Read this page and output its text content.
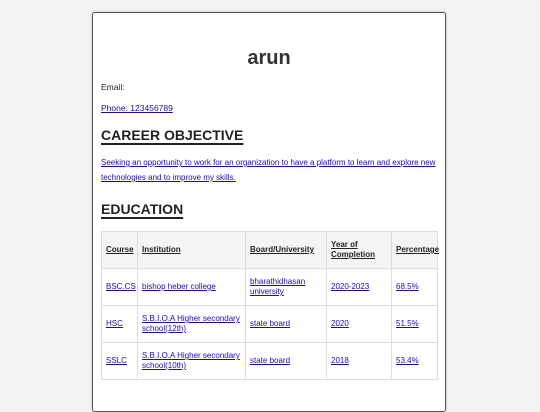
arun
Email:
Phone: 123456789
CAREER OBJECTIVE
Seeking an opportunity to work for an organization to have a platform to learn and explore new technologies and to improve my skills.
EDUCATION
Course	Institution	Board/University	Year of Completion	Percentage
BSC.CS	bishop heber college	bharathidhasan university	2020-2023	68.5%
HSC	S.B.I.O.A Higher secondary school(12th)	state board	2020	51.5%
SSLC	S.B.I.O.A Higher secondary school(10th)	state board	2018	53.4%
